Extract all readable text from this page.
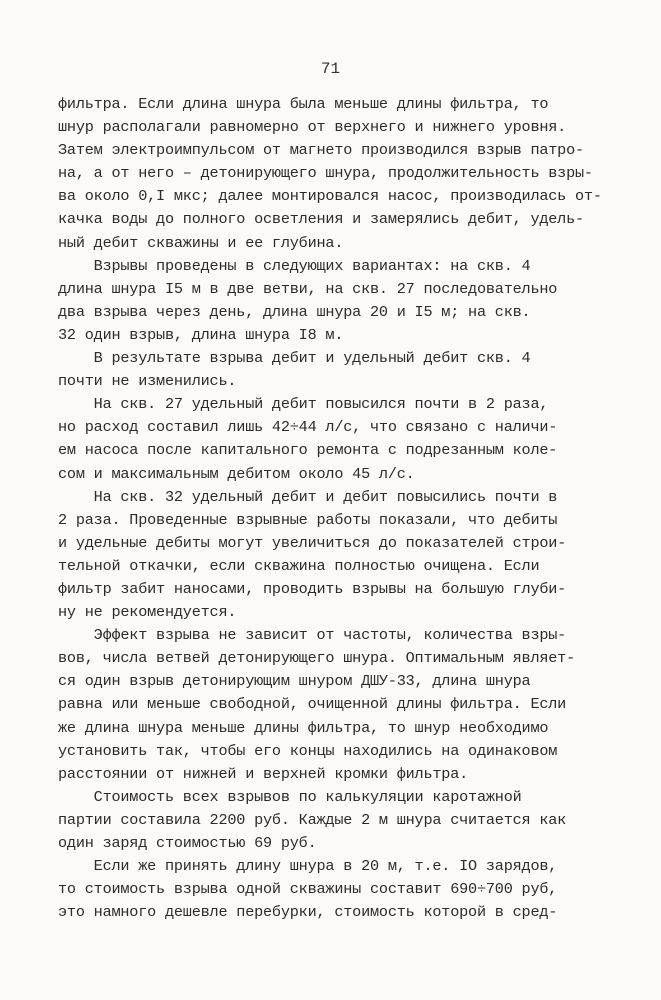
71
фильтра. Если длина шнура была меньше длины фильтра, то
шнур располагали равномерно от верхнего и нижнего уровня.
Затем электроимпульсом от магнето производился взрыв патро-
на, а от него – детонирующего шнура, продолжительность взры-
ва около 0,I мкс; далее монтировался насос, производилась от-
качка воды до полного осветления и замерялись дебит, удель-
ный дебит скважины и ее глубина.
Взрывы проведены в следующих вариантах: на скв. 4
длина шнура I5 м в две ветви, на скв. 27 последовательно
два взрыва через день, длина шнура 20 и I5 м; на скв.
32 один взрыв, длина шнура I8 м.
В результате взрыва дебит и удельный дебит скв. 4
почти не изменились.
На скв. 27 удельный дебит повысился почти в 2 раза,
но расход составил лишь 42÷44 л/с, что связано с наличи-
ем насоса после капитального ремонта с подрезанным коле-
сом и максимальным дебитом около 45 л/с.
На скв. 32 удельный дебит и дебит повысились почти в
2 раза. Проведенные взрывные работы показали, что дебиты
и удельные дебиты могут увеличиться до показателей строи-
тельной откачки, если скважина полностью очищена. Если
фильтр забит наносами, проводить взрывы на большую глуби-
ну не рекомендуется.
Эффект взрыва не зависит от частоты, количества взры-
вов, числа ветвей детонирующего шнура. Оптимальным являет-
ся один взрыв детонирующим шнуром ДШУ-33, длина шнура
равна или меньше свободной, очищенной длины фильтра. Если
же длина шнура меньше длины фильтра, то шнур необходимо
установить так, чтобы его концы находились на одинаковом
расстоянии от нижней и верхней кромки фильтра.
Стоимость всех взрывов по калькуляции каротажной
партии составила 2200 руб. Каждые 2 м шнура считается как
один заряд стоимостью 69 руб.
Если же принять длину шнура в 20 м, т.е. IO зарядов,
то стоимость взрыва одной скважины составит 690÷700 руб,
это намного дешевле перебурки, стоимость которой в сред-
